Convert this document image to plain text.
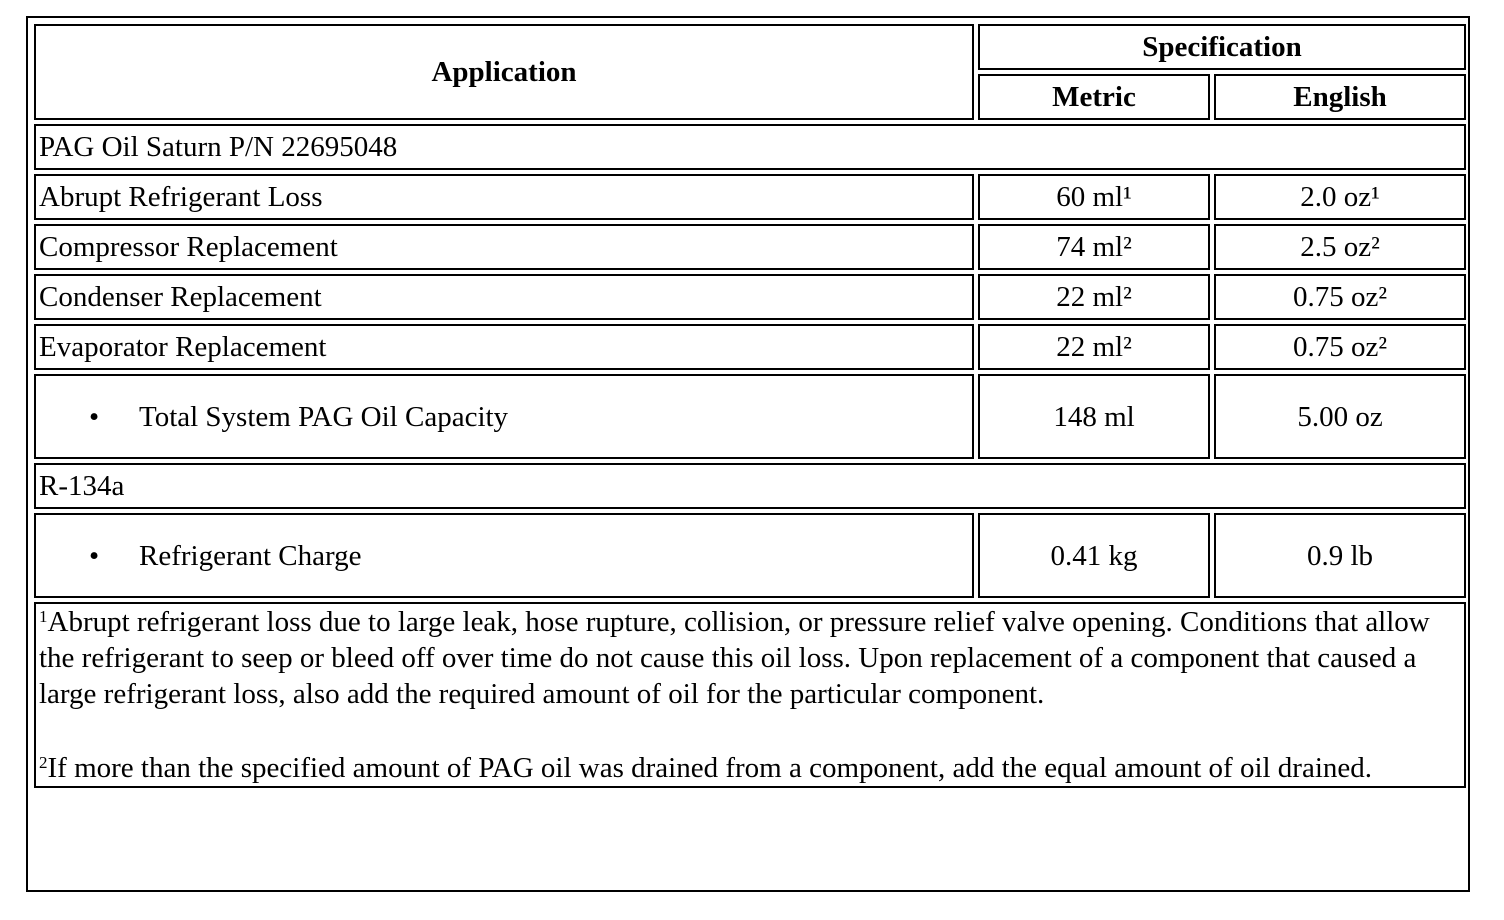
Application	Specification	
	Metric	English
PAG Oil Saturn P/N 22695048		
Abrupt Refrigerant Loss	60 ml¹	2.0 oz¹
Compressor Replacement	74 ml²	2.5 oz²
Condenser Replacement	22 ml²	0.75 oz²
Evaporator Replacement	22 ml²	0.75 oz²
• Total System PAG Oil Capacity	148 ml	5.00 oz
R-134a		
• Refrigerant Charge	0.41 kg	0.9 lb

$^1$Abrupt refrigerant loss due to large leak, hose rupture, collision, or pressure relief valve opening. Conditions that allow the refrigerant to seep or bleed off over time do not cause this oil loss. Upon replacement of a component that caused a large refrigerant loss, also add the required amount of oil for the particular component.

$^2$If more than the specified amount of PAG oil was drained from a component, add the equal amount of oil drained.		
